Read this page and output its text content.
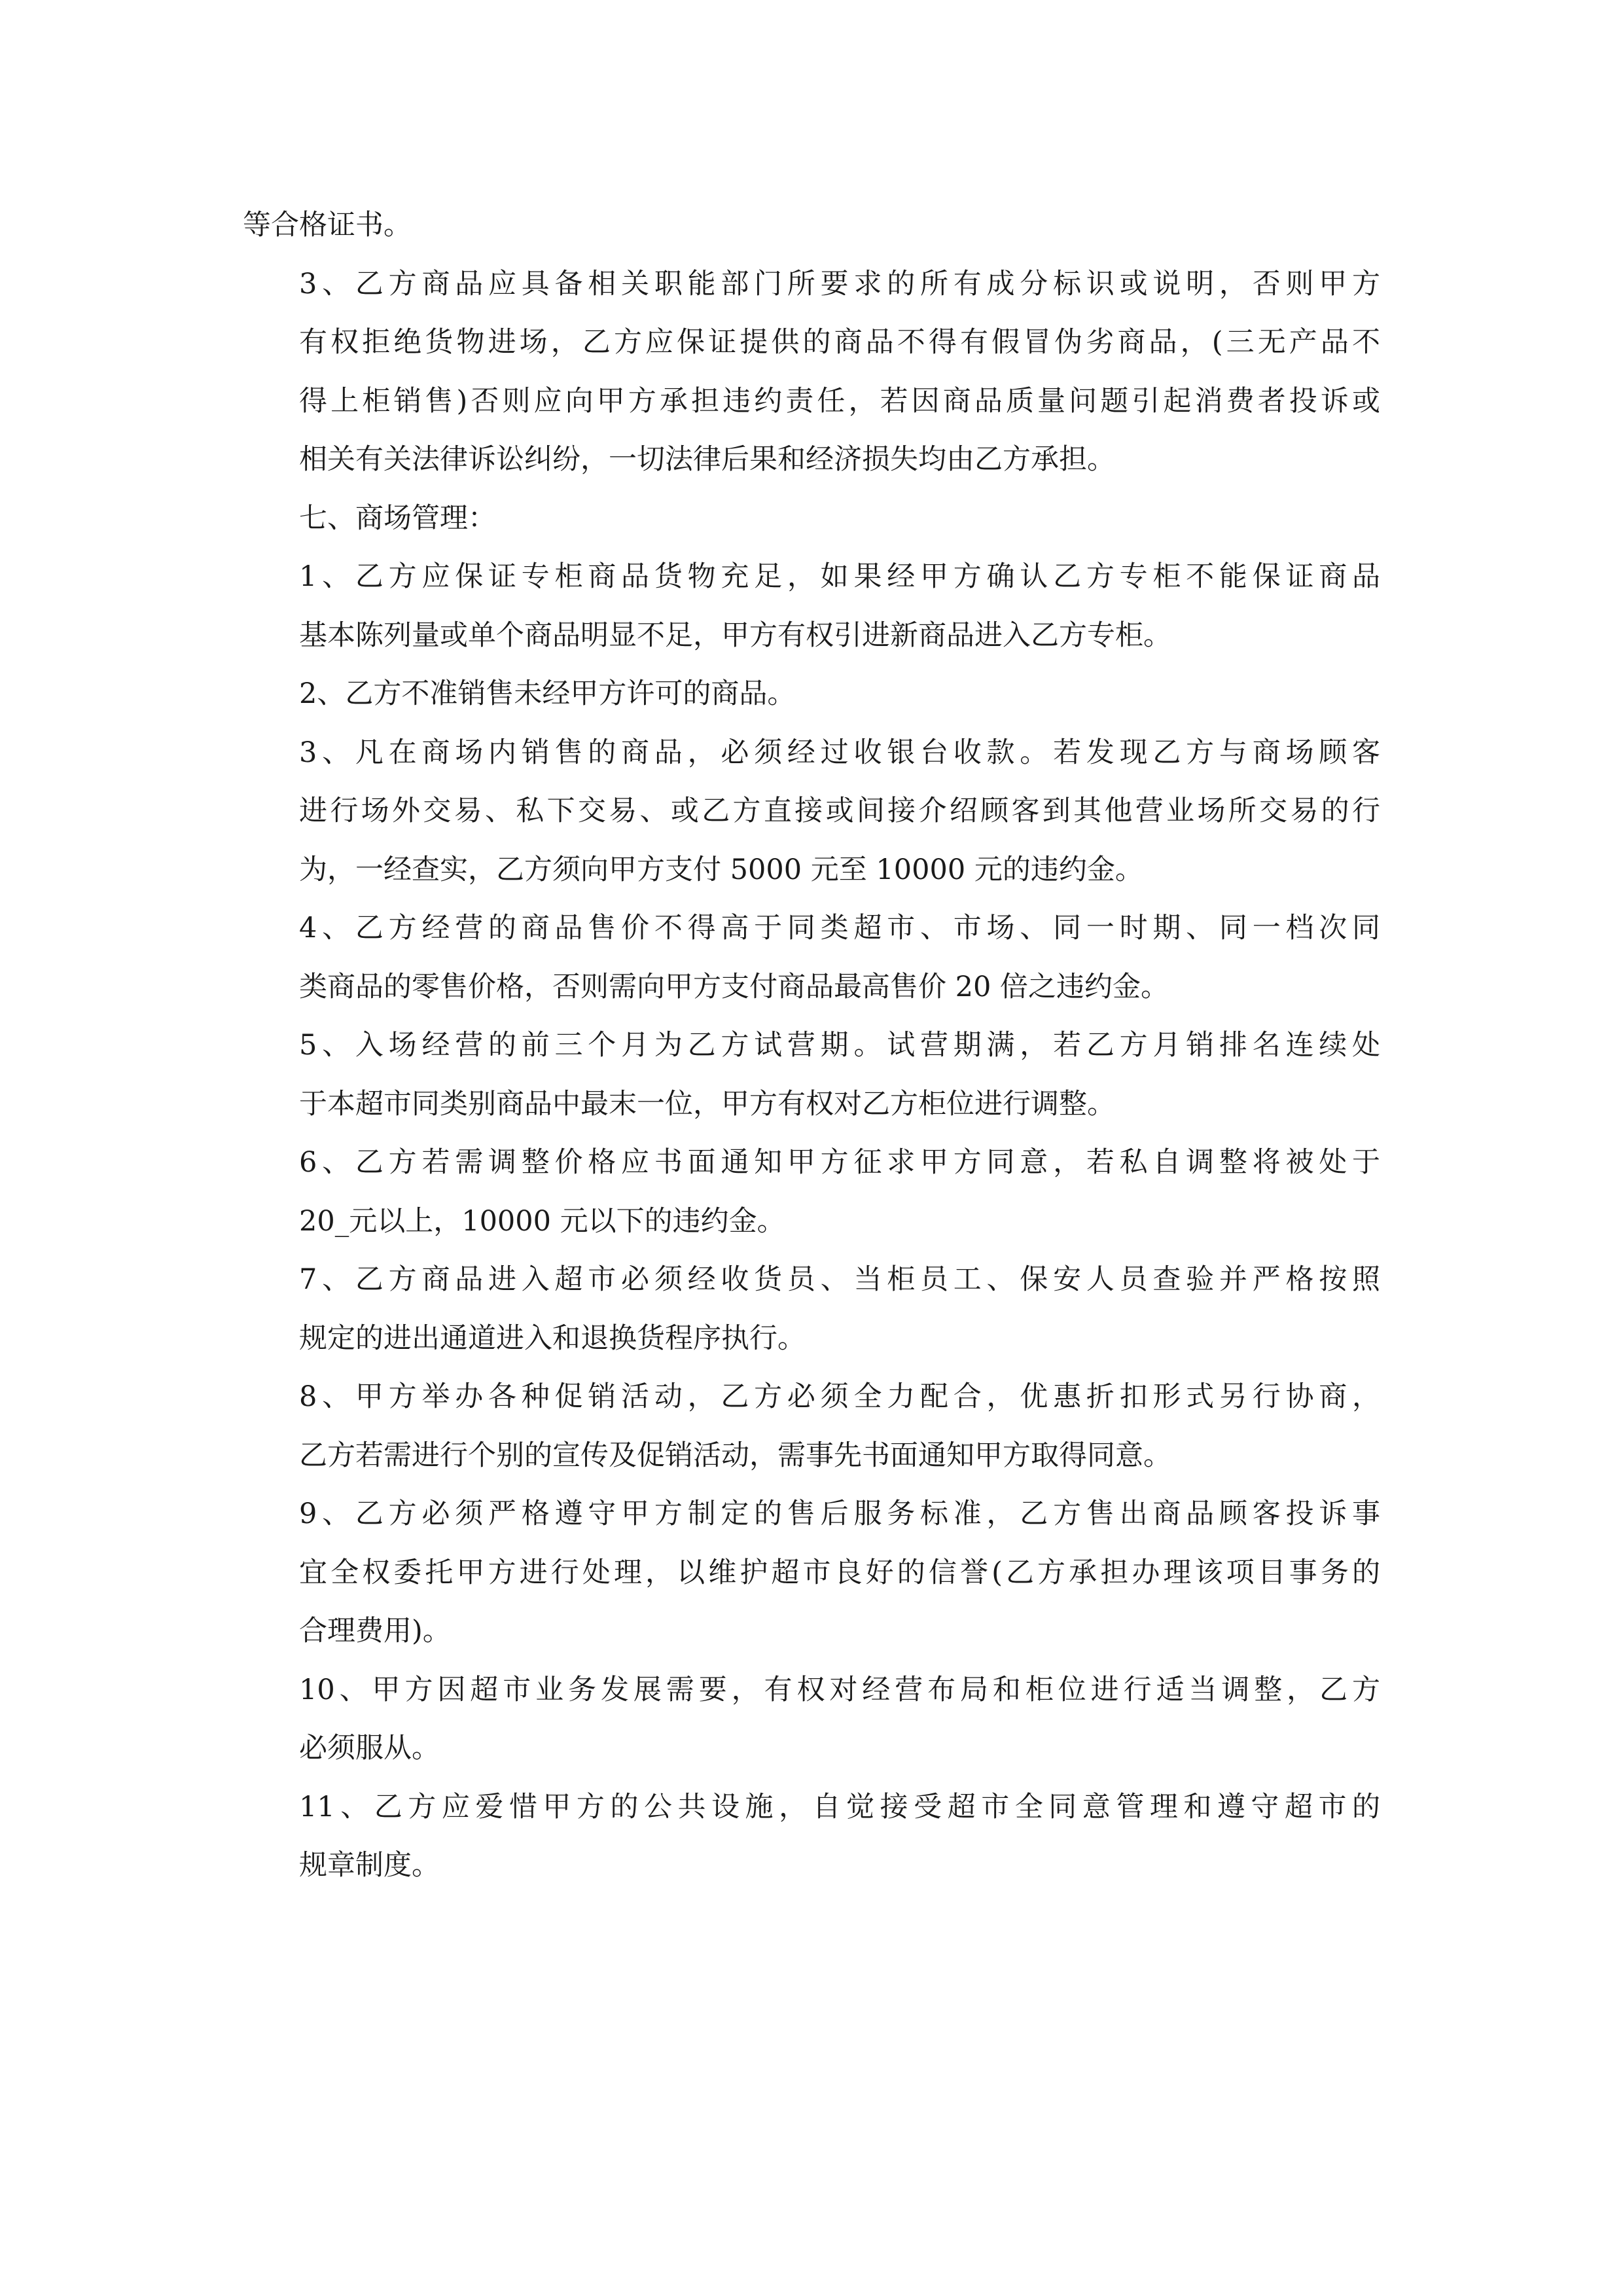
等合格证书。
3、乙方商品应具备相关职能部门所要求的所有成分标识或说明，否则甲方
有权拒绝货物进场，乙方应保证提供的商品不得有假冒伪劣商品，(三无产品不
得上柜销售)否则应向甲方承担违约责任，若因商品质量问题引起消费者投诉或
相关有关法律诉讼纠纷，一切法律后果和经济损失均由乙方承担。
七、商场管理：
1、乙方应保证专柜商品货物充足，如果经甲方确认乙方专柜不能保证商品
基本陈列量或单个商品明显不足，甲方有权引进新商品进入乙方专柜。
2、乙方不准销售未经甲方许可的商品。
3、凡在商场内销售的商品，必须经过收银台收款。若发现乙方与商场顾客
进行场外交易、私下交易、或乙方直接或间接介绍顾客到其他营业场所交易的行
为，一经查实，乙方须向甲方支付 5000 元至 10000 元的违约金。
4、乙方经营的商品售价不得高于同类超市、市场、同一时期、同一档次同
类商品的零售价格，否则需向甲方支付商品最高售价 20 倍之违约金。
5、入场经营的前三个月为乙方试营期。试营期满，若乙方月销排名连续处
于本超市同类别商品中最末一位，甲方有权对乙方柜位进行调整。
6、乙方若需调整价格应书面通知甲方征求甲方同意，若私自调整将被处于
20_元以上，10000 元以下的违约金。
7、乙方商品进入超市必须经收货员、当柜员工、保安人员查验并严格按照
规定的进出通道进入和退换货程序执行。
8、甲方举办各种促销活动，乙方必须全力配合，优惠折扣形式另行协商，
乙方若需进行个别的宣传及促销活动，需事先书面通知甲方取得同意。
9、乙方必须严格遵守甲方制定的售后服务标准，乙方售出商品顾客投诉事
宜全权委托甲方进行处理，以维护超市良好的信誉(乙方承担办理该项目事务的
合理费用)。
10、甲方因超市业务发展需要，有权对经营布局和柜位进行适当调整，乙方
必须服从。
11、乙方应爱惜甲方的公共设施，自觉接受超市全同意管理和遵守超市的
规章制度。
